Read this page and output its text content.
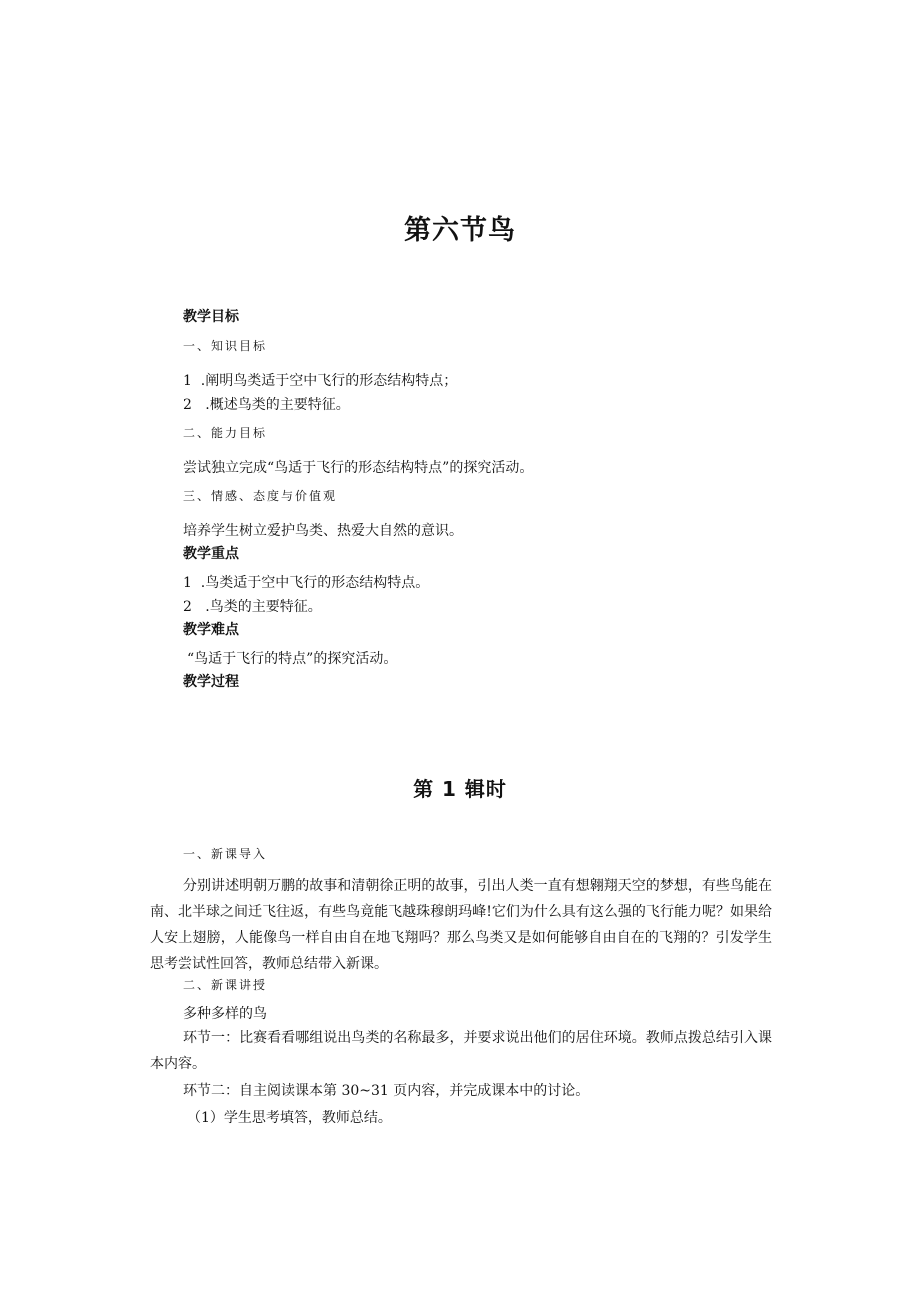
第六节鸟
教学目标
一、知识目标
1  .阐明鸟类适于空中飞行的形态结构特点；
2   .概述鸟类的主要特征。
二、能力目标
尝试独立完成“鸟适于飞行的形态结构特点”的探究活动。
三、情感、态度与价值观
培养学生树立爱护鸟类、热爱大自然的意识。
教学重点
1  .鸟类适于空中飞行的形态结构特点。
2   .鸟类的主要特征。
教学难点
“鸟适于飞行的特点”的探究活动。
教学过程
第 1 辑时
一、新课导入
分别讲述明朝万鹏的故事和清朝徐正明的故事，引出人类一直有想翱翔天空的梦想，有些鸟能在南、北半球之间迁飞往返，有些鸟竟能飞越珠穆朗玛峰!它们为什么具有这么强的飞行能力呢？如果给人安上翅膀，人能像鸟一样自由自在地飞翔吗？那么鸟类又是如何能够自由自在的飞翔的？引发学生思考尝试性回答，教师总结带入新课。
二、新课讲授
多种多样的鸟
环节一：比赛看看哪组说出鸟类的名称最多，并要求说出他们的居住环境。教师点拨总结引入课本内容。
环节二：自主阅读课本第 30~31 页内容，并完成课本中的讨论。
（1）学生思考填答，教师总结。
